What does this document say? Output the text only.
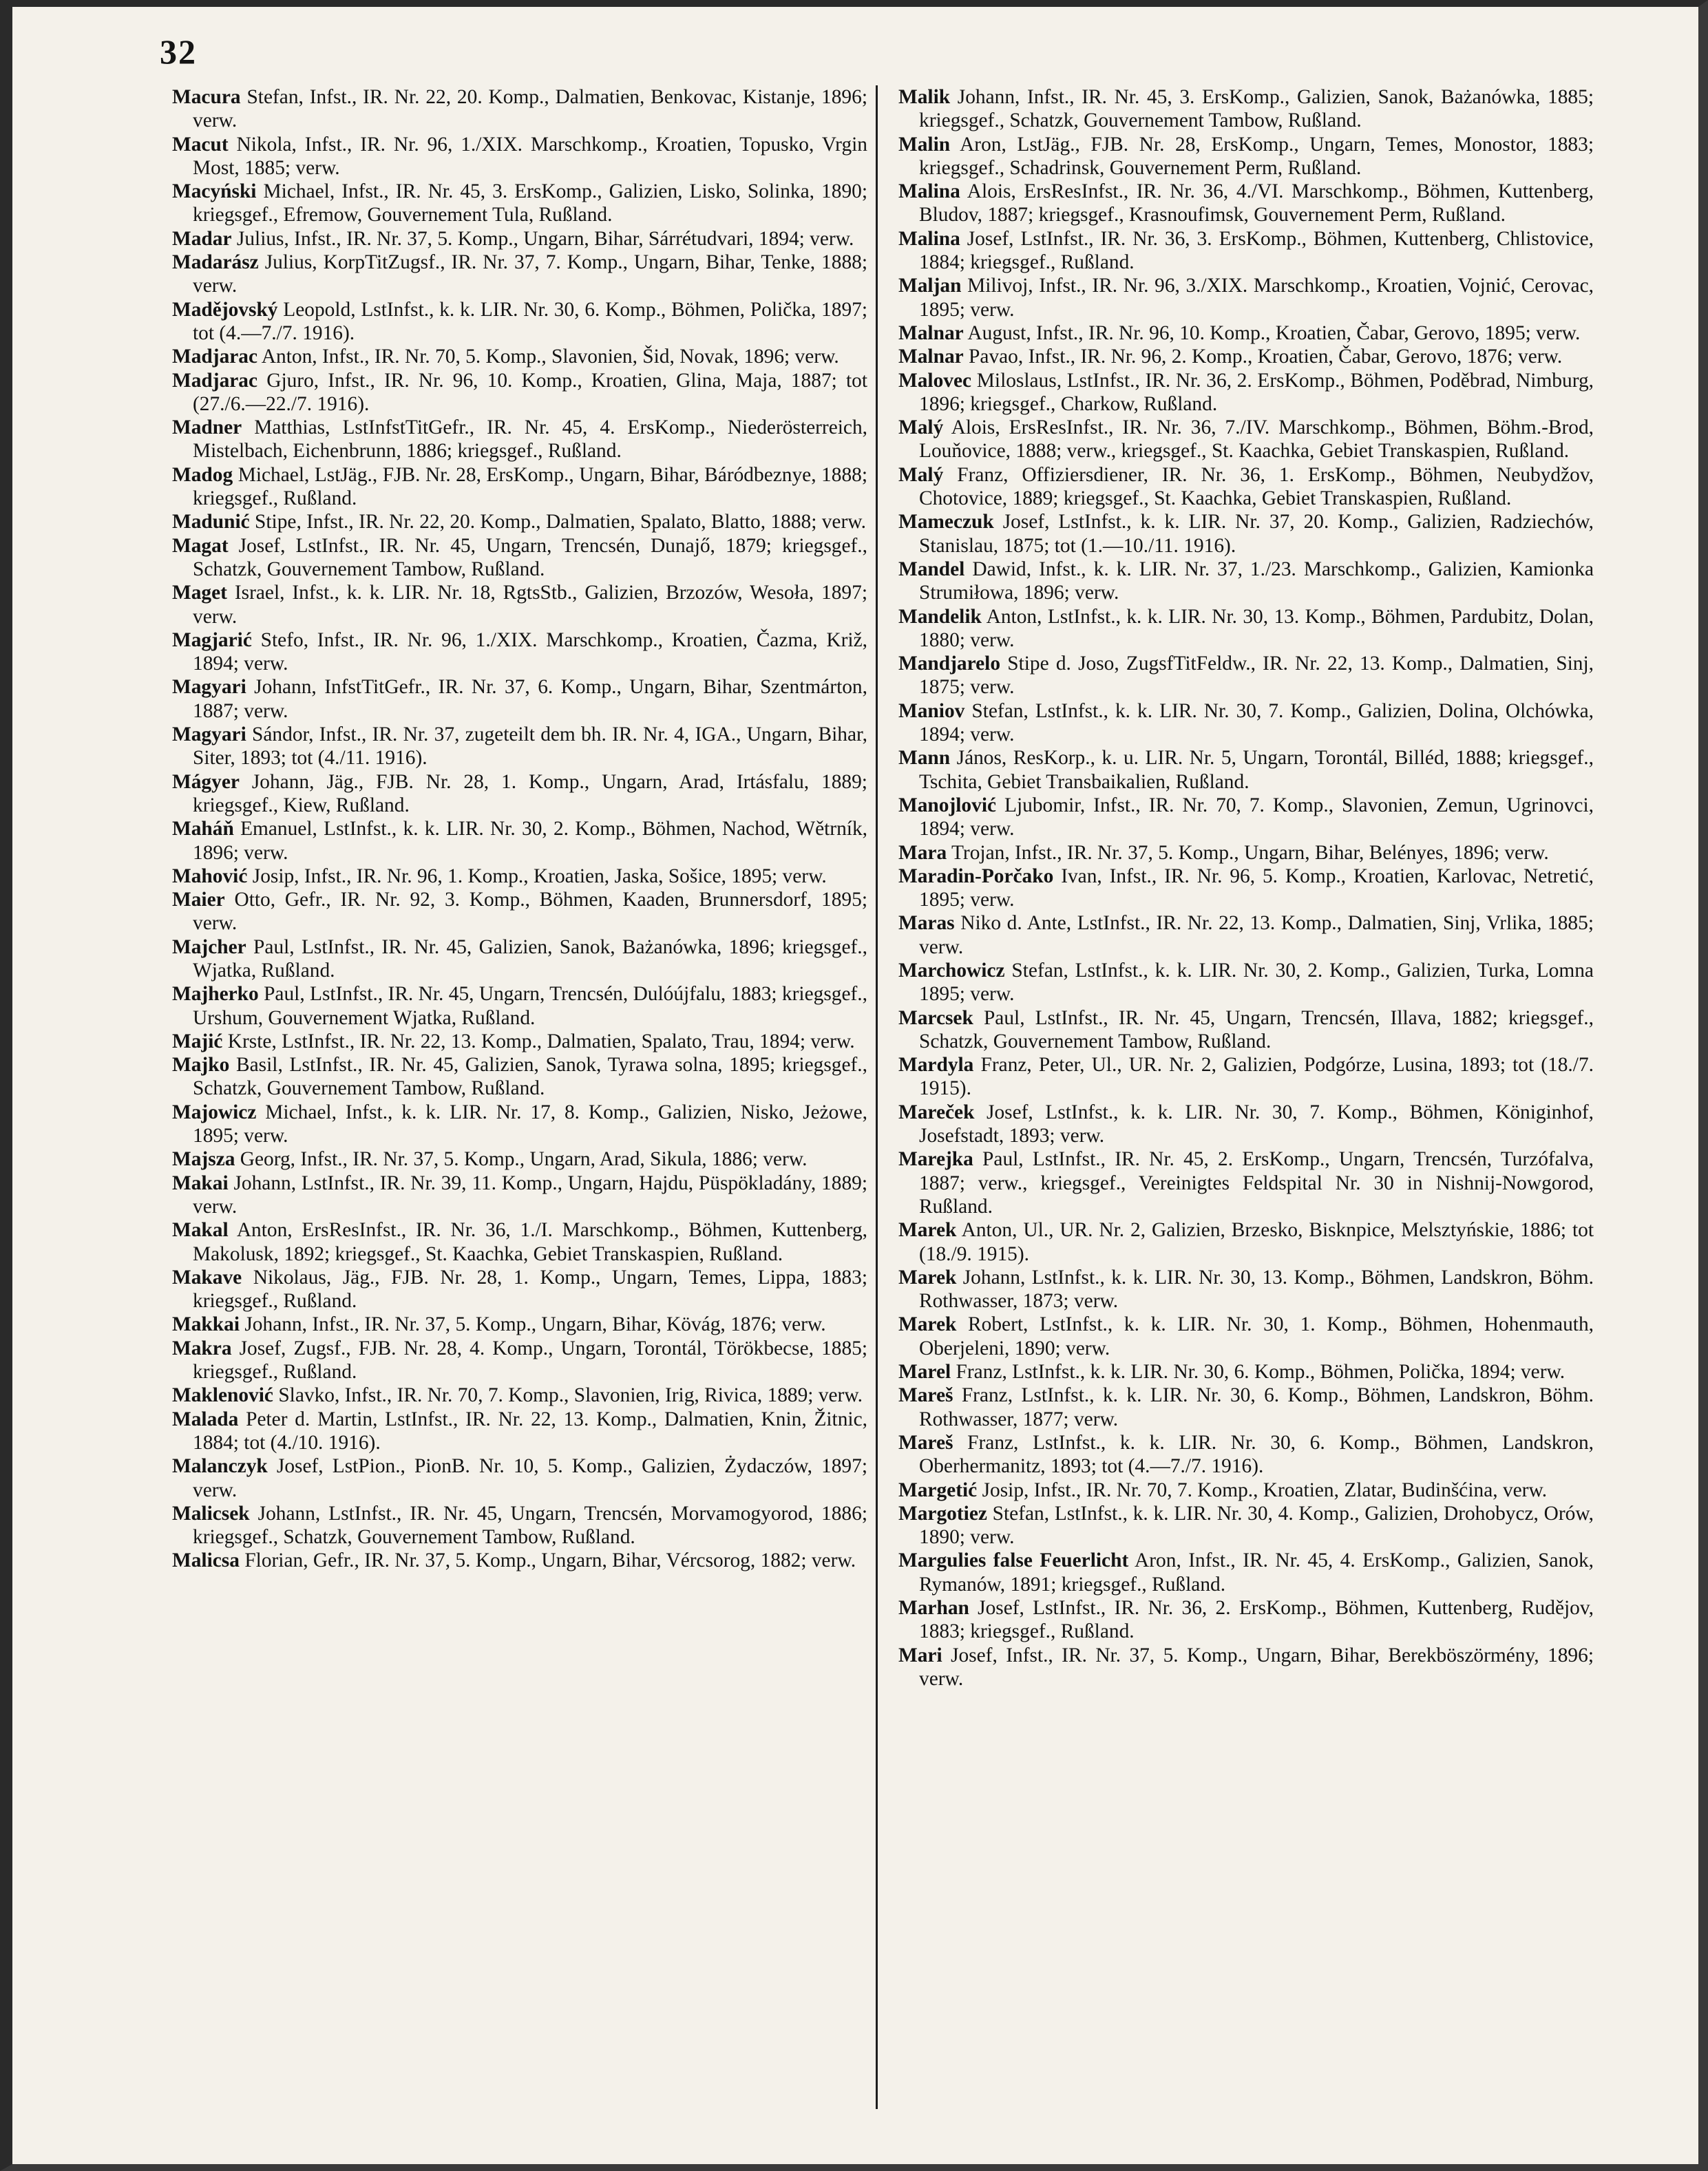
32

Macura Stefan, Infst., IR. Nr. 22, 20. Komp., Dalmatien, Benkovac, Kistanje, 1896; verw.

Macut Nikola, Infst., IR. Nr. 96, 1./XIX. Marschkomp., Kroatien, Topusko, Vrgin Most, 1885; verw.

Macyński Michael, Infst., IR. Nr. 45, 3. ErsKomp., Galizien, Lisko, Solinka, 1890; kriegsgef., Efremow, Gouvernement Tula, Rußland.

Madar Julius, Infst., IR. Nr. 37, 5. Komp., Ungarn, Bihar, Sárrétudvari, 1894; verw.

Madarász Julius, KorpTitZugsf., IR. Nr. 37, 7. Komp., Ungarn, Bihar, Tenke, 1888; verw.

Madějovský Leopold, LstInfst., k. k. LIR. Nr. 30, 6. Komp., Böhmen, Polička, 1897; tot (4.—7./7. 1916).

Madjarac Anton, Infst., IR. Nr. 70, 5. Komp., Slavonien, Šid, Novak, 1896; verw.

Madjarac Gjuro, Infst., IR. Nr. 96, 10. Komp., Kroatien, Glina, Maja, 1887; tot (27./6.—22./7. 1916).

Madner Matthias, LstInfstTitGefr., IR. Nr. 45, 4. ErsKomp., Niederösterreich, Mistelbach, Eichenbrunn, 1886; kriegsgef., Rußland.

Madog Michael, LstJäg., FJB. Nr. 28, ErsKomp., Ungarn, Bihar, Báródbeznye, 1888; kriegsgef., Rußland.

Madunić Stipe, Infst., IR. Nr. 22, 20. Komp., Dalmatien, Spalato, Blatto, 1888; verw.

Magat Josef, LstInfst., IR. Nr. 45, Ungarn, Trencsén, Dunajő, 1879; kriegsgef., Schatzk, Gouvernement Tambow, Rußland.

Maget Israel, Infst., k. k. LIR. Nr. 18, RgtsStb., Galizien, Brzozów, Wesoła, 1897; verw.

Magjarić Stefo, Infst., IR. Nr. 96, 1./XIX. Marschkomp., Kroatien, Čazma, Križ, 1894; verw.

Magyari Johann, InfstTitGefr., IR. Nr. 37, 6. Komp., Ungarn, Bihar, Szentmárton, 1887; verw.

Magyari Sándor, Infst., IR. Nr. 37, zugeteilt dem bh. IR. Nr. 4, IGA., Ungarn, Bihar, Siter, 1893; tot (4./11. 1916).

Mágyer Johann, Jäg., FJB. Nr. 28, 1. Komp., Ungarn, Arad, Irtásfalu, 1889; kriegsgef., Kiew, Rußland.

Maháň Emanuel, LstInfst., k. k. LIR. Nr. 30, 2. Komp., Böhmen, Nachod, Wětrník, 1896; verw.

Mahović Josip, Infst., IR. Nr. 96, 1. Komp., Kroatien, Jaska, Sošice, 1895; verw.

Maier Otto, Gefr., IR. Nr. 92, 3. Komp., Böhmen, Kaaden, Brunnersdorf, 1895; verw.

Majcher Paul, LstInfst., IR. Nr. 45, Galizien, Sanok, Bażanówka, 1896; kriegsgef., Wjatka, Rußland.

Majherko Paul, LstInfst., IR. Nr. 45, Ungarn, Trencsén, Dulóújfalu, 1883; kriegsgef., Urshum, Gouvernement Wjatka, Rußland.

Majić Krste, LstInfst., IR. Nr. 22, 13. Komp., Dalmatien, Spalato, Trau, 1894; verw.

Majko Basil, LstInfst., IR. Nr. 45, Galizien, Sanok, Tyrawa solna, 1895; kriegsgef., Schatzk, Gouvernement Tambow, Rußland.

Majowicz Michael, Infst., k. k. LIR. Nr. 17, 8. Komp., Galizien, Nisko, Jeżowe, 1895; verw.

Majsza Georg, Infst., IR. Nr. 37, 5. Komp., Ungarn, Arad, Sikula, 1886; verw.

Makai Johann, LstInfst., IR. Nr. 39, 11. Komp., Ungarn, Hajdu, Püspökladány, 1889; verw.

Makal Anton, ErsResInfst., IR. Nr. 36, 1./I. Marschkomp., Böhmen, Kuttenberg, Makolusk, 1892; kriegsgef., St. Kaachka, Gebiet Transkaspien, Rußland.

Makave Nikolaus, Jäg., FJB. Nr. 28, 1. Komp., Ungarn, Temes, Lippa, 1883; kriegsgef., Rußland.

Makkai Johann, Infst., IR. Nr. 37, 5. Komp., Ungarn, Bihar, Kövág, 1876; verw.

Makra Josef, Zugsf., FJB. Nr. 28, 4. Komp., Ungarn, Torontál, Törökbecse, 1885; kriegsgef., Rußland.

Maklenović Slavko, Infst., IR. Nr. 70, 7. Komp., Slavonien, Irig, Rivica, 1889; verw.

Malada Peter d. Martin, LstInfst., IR. Nr. 22, 13. Komp., Dalmatien, Knin, Žitnic, 1884; tot (4./10. 1916).

Malanczyk Josef, LstPion., PionB. Nr. 10, 5. Komp., Galizien, Żydaczów, 1897; verw.

Malicsek Johann, LstInfst., IR. Nr. 45, Ungarn, Trencsén, Morvamogyorod, 1886; kriegsgef., Schatzk, Gouvernement Tambow, Rußland.

Malicsa Florian, Gefr., IR. Nr. 37, 5. Komp., Ungarn, Bihar, Vércsorog, 1882; verw.

Malik Johann, Infst., IR. Nr. 45, 3. ErsKomp., Galizien, Sanok, Bażanówka, 1885; kriegsgef., Schatzk, Gouvernement Tambow, Rußland.

Malin Aron, LstJäg., FJB. Nr. 28, ErsKomp., Ungarn, Temes, Monostor, 1883; kriegsgef., Schadrinsk, Gouvernement Perm, Rußland.

Malina Alois, ErsResInfst., IR. Nr. 36, 4./VI. Marschkomp., Böhmen, Kuttenberg, Bludov, 1887; kriegsgef., Krasnoufimsk, Gouvernement Perm, Rußland.

Malina Josef, LstInfst., IR. Nr. 36, 3. ErsKomp., Böhmen, Kuttenberg, Chlistovice, 1884; kriegsgef., Rußland.

Maljan Milivoj, Infst., IR. Nr. 96, 3./XIX. Marschkomp., Kroatien, Vojnić, Cerovac, 1895; verw.

Malnar August, Infst., IR. Nr. 96, 10. Komp., Kroatien, Čabar, Gerovo, 1895; verw.

Malnar Pavao, Infst., IR. Nr. 96, 2. Komp., Kroatien, Čabar, Gerovo, 1876; verw.

Malovec Miloslaus, LstInfst., IR. Nr. 36, 2. ErsKomp., Böhmen, Poděbrad, Nimburg, 1896; kriegsgef., Charkow, Rußland.

Malý Alois, ErsResInfst., IR. Nr. 36, 7./IV. Marschkomp., Böhmen, Böhm.-Brod, Louňovice, 1888; verw., kriegsgef., St. Kaachka, Gebiet Transkaspien, Rußland.

Malý Franz, Offiziersdiener, IR. Nr. 36, 1. ErsKomp., Böhmen, Neubydžov, Chotovice, 1889; kriegsgef., St. Kaachka, Gebiet Transkaspien, Rußland.

Mameczuk Josef, LstInfst., k. k. LIR. Nr. 37, 20. Komp., Galizien, Radziechów, Stanislau, 1875; tot (1.—10./11. 1916).

Mandel Dawid, Infst., k. k. LIR. Nr. 37, 1./23. Marschkomp., Galizien, Kamionka Strumiłowa, 1896; verw.

Mandelik Anton, LstInfst., k. k. LIR. Nr. 30, 13. Komp., Böhmen, Pardubitz, Dolan, 1880; verw.

Mandjarelo Stipe d. Joso, ZugsfTitFeldw., IR. Nr. 22, 13. Komp., Dalmatien, Sinj, 1875; verw.

Maniov Stefan, LstInfst., k. k. LIR. Nr. 30, 7. Komp., Galizien, Dolina, Olchówka, 1894; verw.

Mann János, ResKorp., k. u. LIR. Nr. 5, Ungarn, Torontál, Billéd, 1888; kriegsgef., Tschita, Gebiet Transbaikalien, Rußland.

Manojlović Ljubomir, Infst., IR. Nr. 70, 7. Komp., Slavonien, Zemun, Ugrinovci, 1894; verw.

Mara Trojan, Infst., IR. Nr. 37, 5. Komp., Ungarn, Bihar, Belényes, 1896; verw.

Maradin-Porčako Ivan, Infst., IR. Nr. 96, 5. Komp., Kroatien, Karlovac, Netretić, 1895; verw.

Maras Niko d. Ante, LstInfst., IR. Nr. 22, 13. Komp., Dalmatien, Sinj, Vrlika, 1885; verw.

Marchowicz Stefan, LstInfst., k. k. LIR. Nr. 30, 2. Komp., Galizien, Turka, Lomna 1895; verw.

Marcsek Paul, LstInfst., IR. Nr. 45, Ungarn, Trencsén, Illava, 1882; kriegsgef., Schatzk, Gouvernement Tambow, Rußland.

Mardyla Franz, Peter, Ul., UR. Nr. 2, Galizien, Podgórze, Lusina, 1893; tot (18./7. 1915).

Mareček Josef, LstInfst., k. k. LIR. Nr. 30, 7. Komp., Böhmen, Königinhof, Josefstadt, 1893; verw.

Marejka Paul, LstInfst., IR. Nr. 45, 2. ErsKomp., Ungarn, Trencsén, Turzófalva, 1887; verw., kriegsgef., Vereinigtes Feldspital Nr. 30 in Nishnij-Nowgorod, Rußland.

Marek Anton, Ul., UR. Nr. 2, Galizien, Brzesko, Bisknpice, Melsztyńskie, 1886; tot (18./9. 1915).

Marek Johann, LstInfst., k. k. LIR. Nr. 30, 13. Komp., Böhmen, Landskron, Böhm. Rothwasser, 1873; verw.

Marek Robert, LstInfst., k. k. LIR. Nr. 30, 1. Komp., Böhmen, Hohenmauth, Oberjeleni, 1890; verw.

Marel Franz, LstInfst., k. k. LIR. Nr. 30, 6. Komp., Böhmen, Polička, 1894; verw.

Mareš Franz, LstInfst., k. k. LIR. Nr. 30, 6. Komp., Böhmen, Landskron, Böhm. Rothwasser, 1877; verw.

Mareš Franz, LstInfst., k. k. LIR. Nr. 30, 6. Komp., Böhmen, Landskron, Oberhermanitz, 1893; tot (4.—7./7. 1916).

Margetić Josip, Infst., IR. Nr. 70, 7. Komp., Kroatien, Zlatar, Budinšćina, verw.

Margotiez Stefan, LstInfst., k. k. LIR. Nr. 30, 4. Komp., Galizien, Drohobycz, Orów, 1890; verw.

Margulies false Feuerlicht Aron, Infst., IR. Nr. 45, 4. ErsKomp., Galizien, Sanok, Rymanów, 1891; kriegsgef., Rußland.

Marhan Josef, LstInfst., IR. Nr. 36, 2. ErsKomp., Böhmen, Kuttenberg, Rudějov, 1883; kriegsgef., Rußland.

Mari Josef, Infst., IR. Nr. 37, 5. Komp., Ungarn, Bihar, Berekböszörmény, 1896; verw.
